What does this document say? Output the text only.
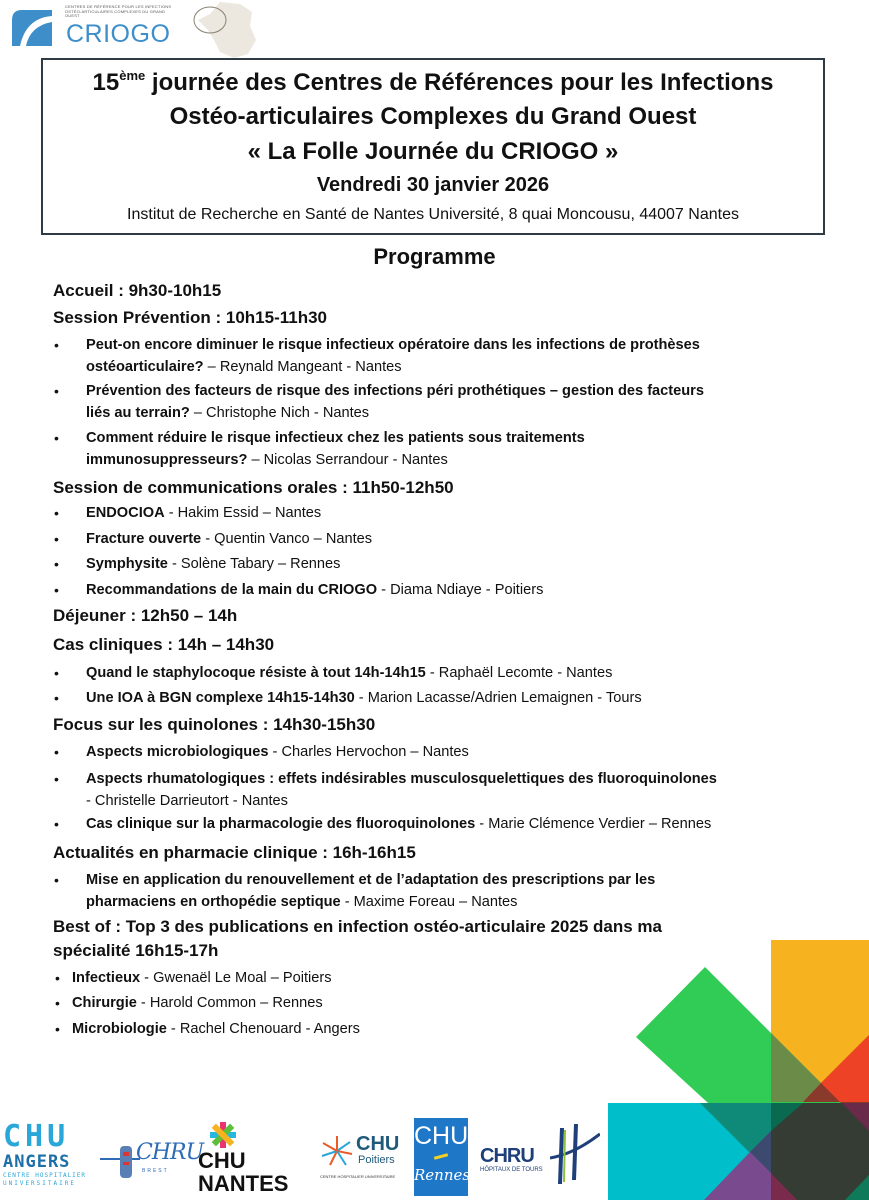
CENTRES DE RÉFÉRENCE POUR LES INFECTIONS OSTÉO-ARTICULAIRES COMPLEXES DU GRAND OUEST
CRIOGO
15ème journée des Centres de Références pour les Infections
Ostéo-articulaires Complexes du Grand Ouest
« La Folle Journée du CRIOGO »
Vendredi 30 janvier 2026
Institut de Recherche en Santé de Nantes Université, 8 quai Moncousu, 44007 Nantes
Programme
Accueil : 9h30-10h15
Session Prévention : 10h15-11h30
• Peut-on encore diminuer le risque infectieux opératoire dans les infections de prothèses
ostéoarticulaire? – Reynald Mangeant - Nantes
• Prévention des facteurs de risque des infections péri prothétiques – gestion des facteurs
liés au terrain? – Christophe Nich - Nantes
• Comment réduire le risque infectieux chez les patients sous traitements
immunosuppresseurs? – Nicolas Serrandour - Nantes
Session de communications orales : 11h50-12h50
• ENDOCIOA - Hakim Essid – Nantes
• Fracture ouverte - Quentin Vanco – Nantes
• Symphysite - Solène Tabary – Rennes
• Recommandations de la main du CRIOGO - Diama Ndiaye - Poitiers
Déjeuner : 12h50 – 14h
Cas cliniques : 14h – 14h30
• Quand le staphylocoque résiste à tout 14h-14h15 - Raphaël Lecomte - Nantes
• Une IOA à BGN complexe 14h15-14h30 - Marion Lacasse/Adrien Lemaignen - Tours
Focus sur les quinolones : 14h30-15h30
• Aspects microbiologiques - Charles Hervochon – Nantes
• Aspects rhumatologiques : effets indésirables musculosquelettiques des fluoroquinolones
- Christelle Darrieutort - Nantes
• Cas clinique sur la pharmacologie des fluoroquinolones - Marie Clémence Verdier – Rennes
Actualités en pharmacie clinique : 16h-16h15
• Mise en application du renouvellement et de l’adaptation des prescriptions par les
pharmaciens en orthopédie septique - Maxime Foreau – Nantes
Best of : Top 3 des publications en infection ostéo-articulaire 2025 dans ma
spécialité 16h15-17h
• Infectieux - Gwenaël Le Moal – Poitiers
• Chirurgie - Harold Common – Rennes
• Microbiologie - Rachel Chenouard - Angers
CHU
ANGERS
CENTRE HOSPITALIER
UNIVERSITAIRE
CHRU
BREST CHU
NANTES
CHU
Poitiers
CENTRE HOSPITALIER UNIVERSITAIRE
CHU
Rennes
CHRU
HÔPITAUX DE TOURS
